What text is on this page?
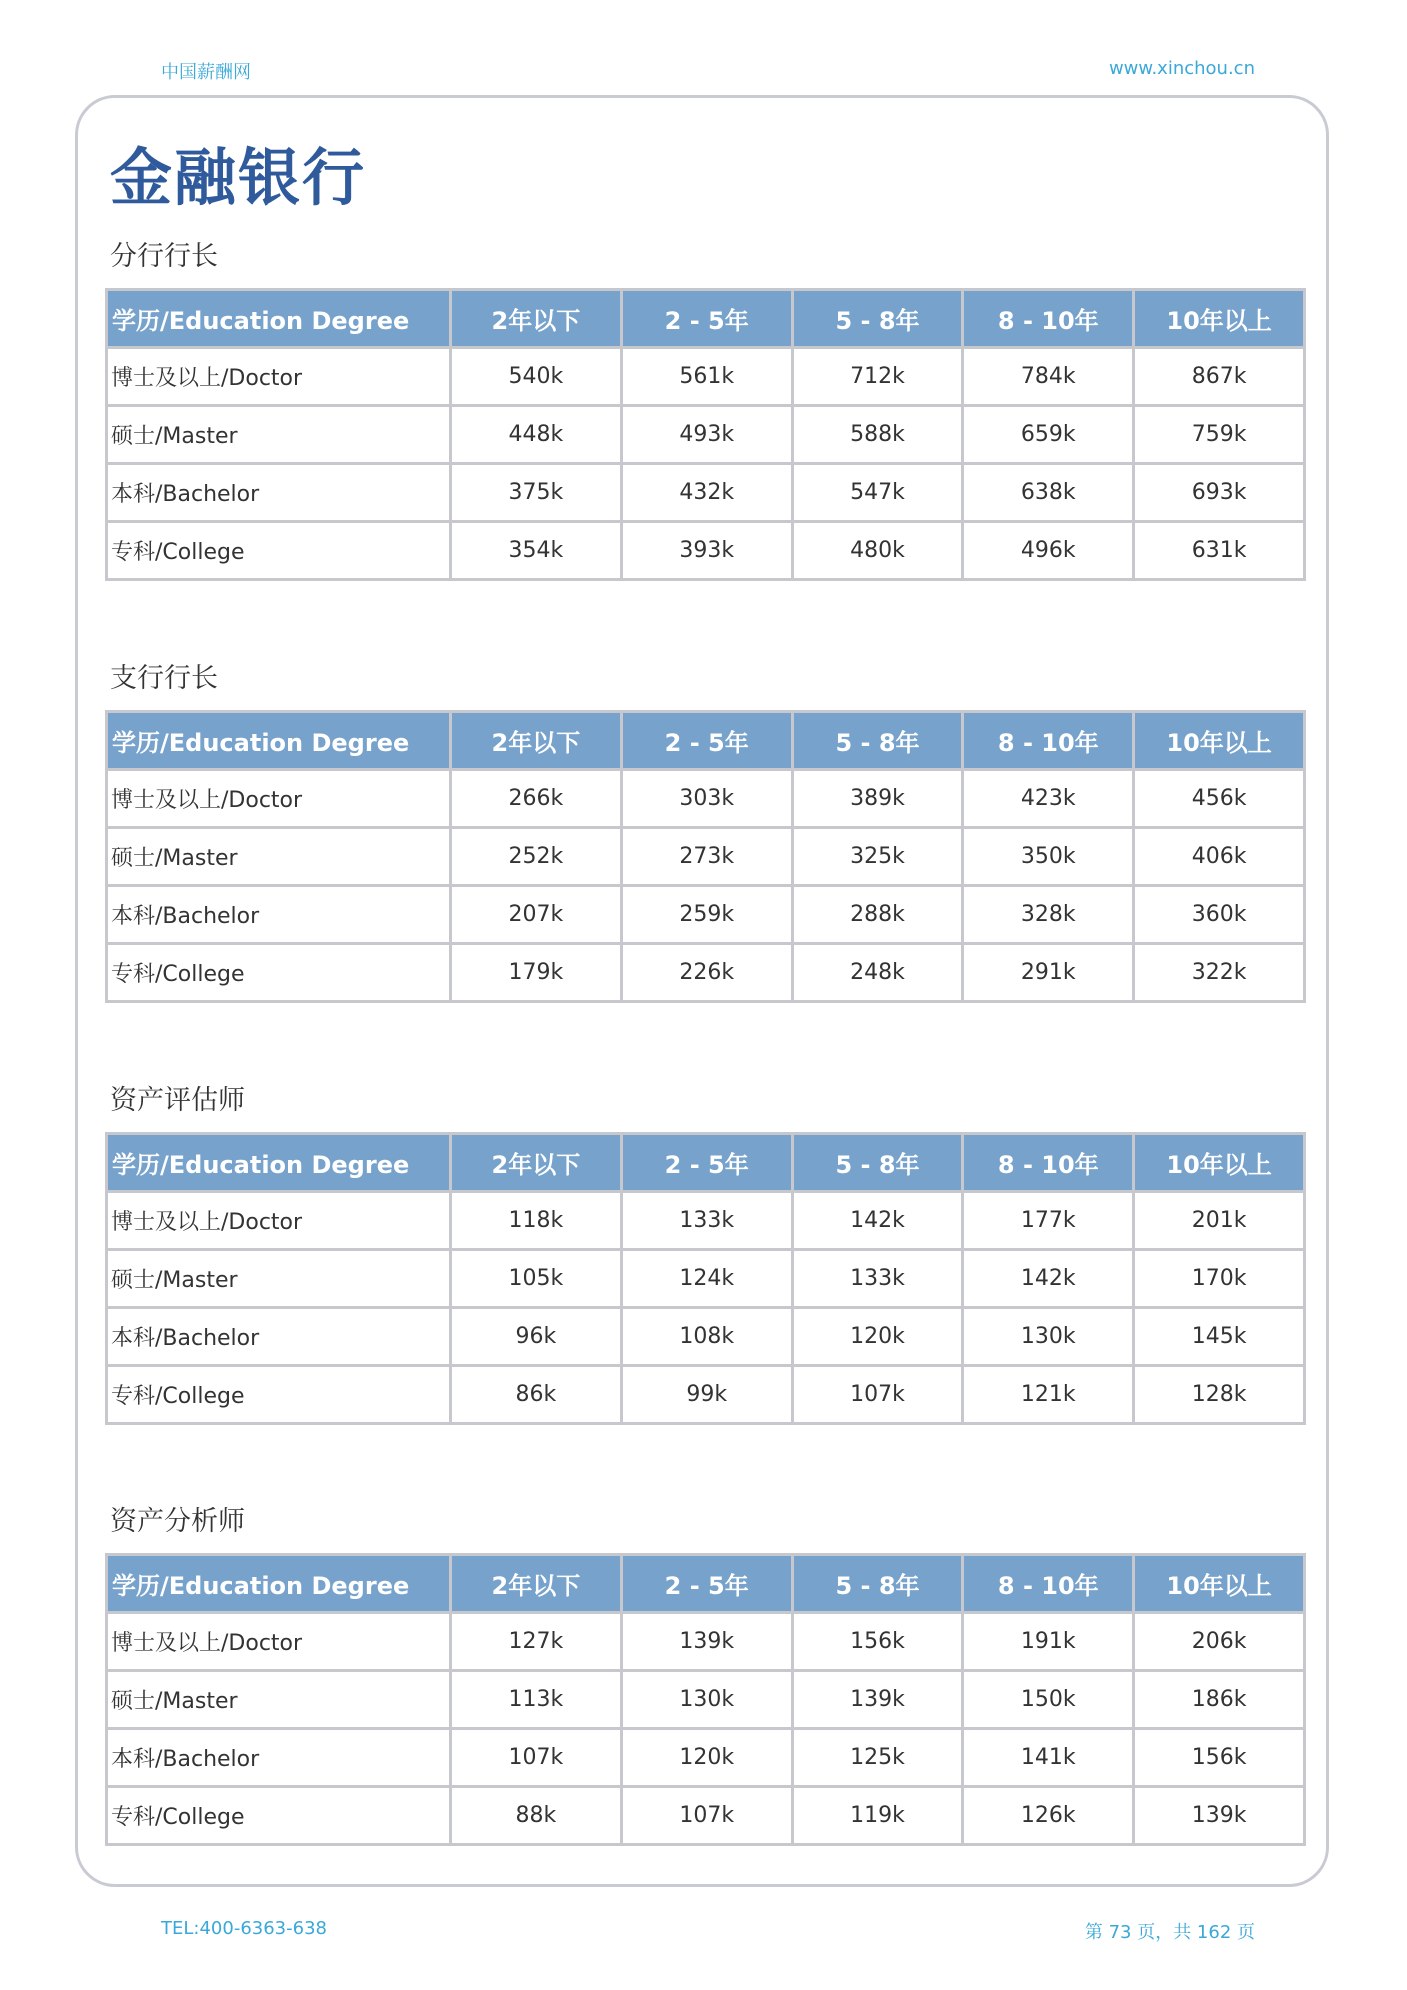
中国薪酬网	www.xinchou.cn
金融银行
分行行长
学历/Education Degree	2年以下	2 - 5年	5 - 8年	8 - 10年	10年以上
博士及以上/Doctor	540k	561k	712k	784k	867k
硕士/Master	448k	493k	588k	659k	759k
本科/Bachelor	375k	432k	547k	638k	693k
专科/College	354k	393k	480k	496k	631k
支行行长
学历/Education Degree	2年以下	2 - 5年	5 - 8年	8 - 10年	10年以上
博士及以上/Doctor	266k	303k	389k	423k	456k
硕士/Master	252k	273k	325k	350k	406k
本科/Bachelor	207k	259k	288k	328k	360k
专科/College	179k	226k	248k	291k	322k
资产评估师
学历/Education Degree	2年以下	2 - 5年	5 - 8年	8 - 10年	10年以上
博士及以上/Doctor	118k	133k	142k	177k	201k
硕士/Master	105k	124k	133k	142k	170k
本科/Bachelor	96k	108k	120k	130k	145k
专科/College	86k	99k	107k	121k	128k
资产分析师
学历/Education Degree	2年以下	2 - 5年	5 - 8年	8 - 10年	10年以上
博士及以上/Doctor	127k	139k	156k	191k	206k
硕士/Master	113k	130k	139k	150k	186k
本科/Bachelor	107k	120k	125k	141k	156k
专科/College	88k	107k	119k	126k	139k
TEL:400-6363-638	第 73 页，共 162 页
